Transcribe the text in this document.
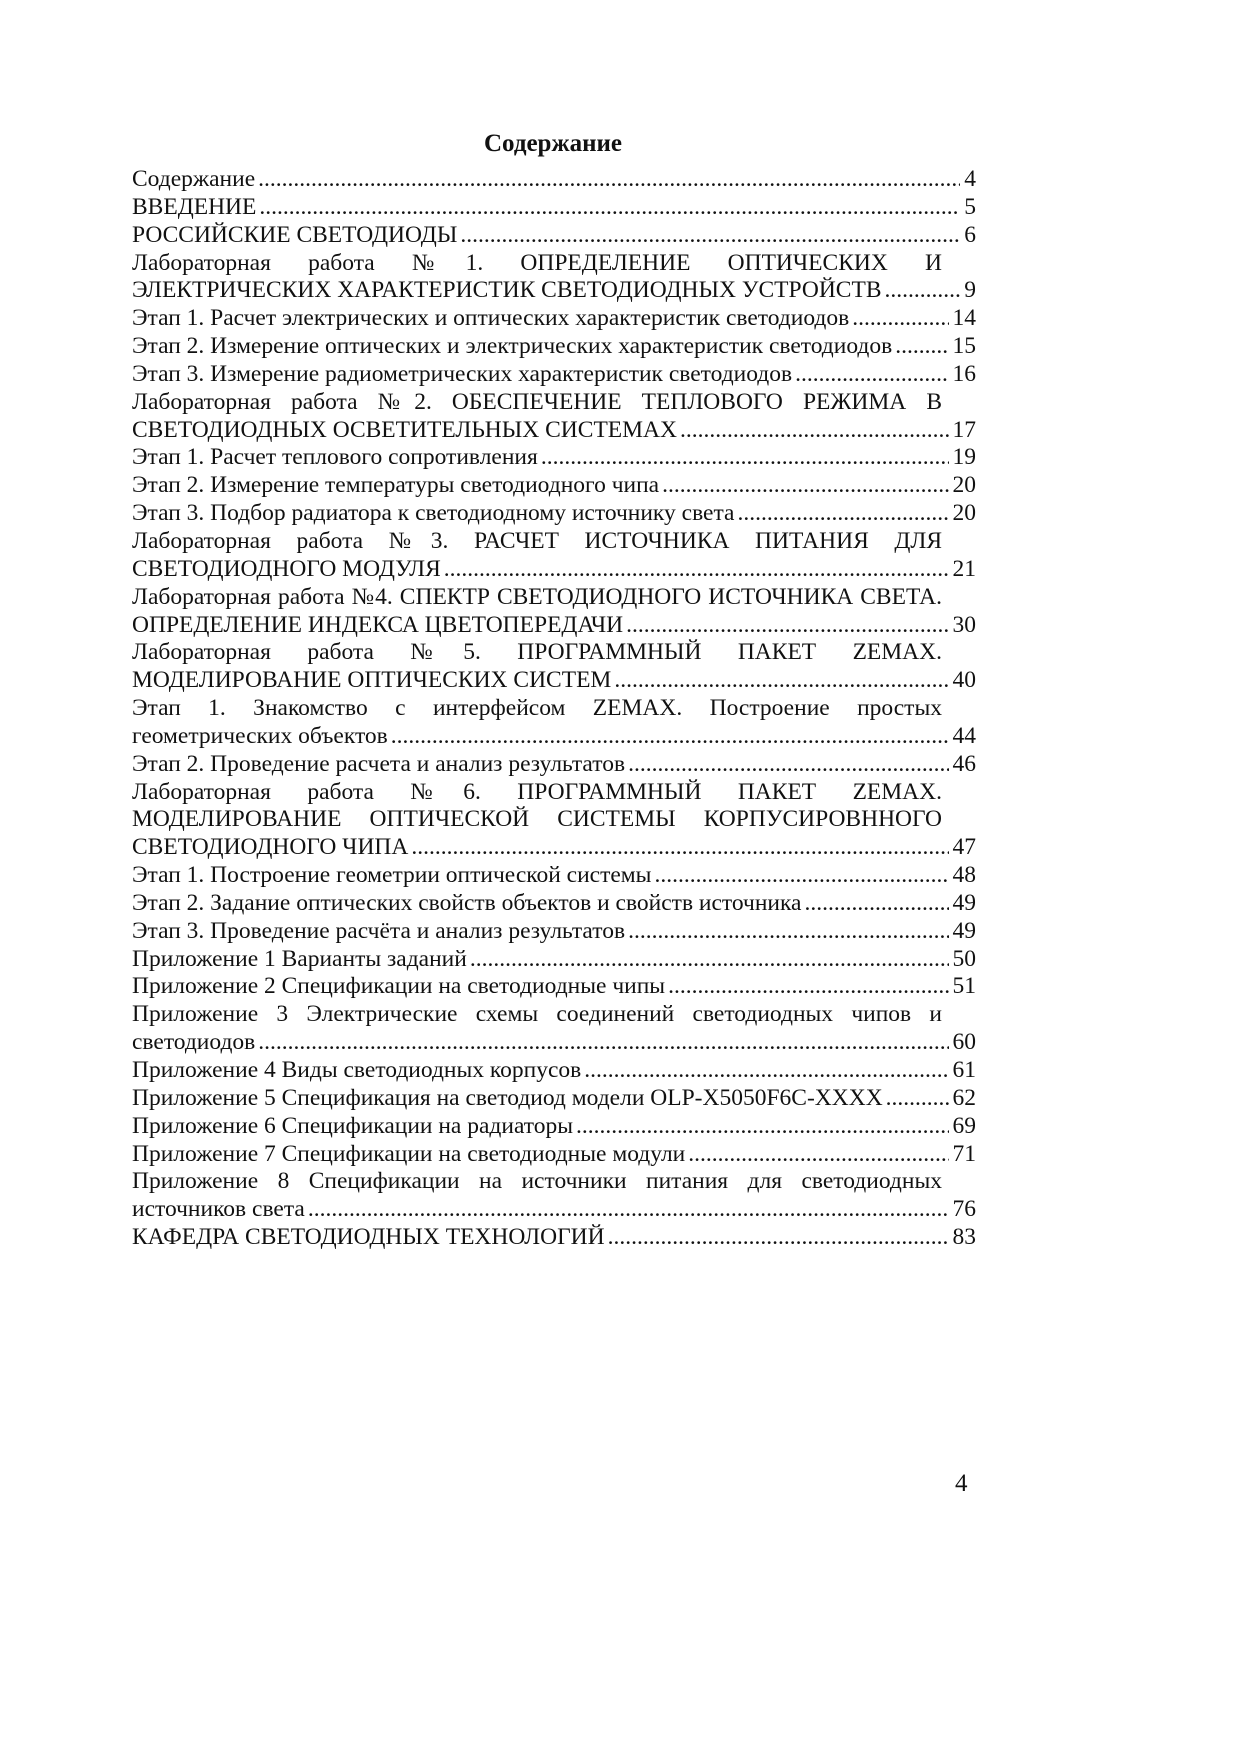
Содержание
Содержание .....	4
ВВЕДЕНИЕ .....	5
РОССИЙСКИЕ СВЕТОДИОДЫ .....	6
Лабораторная работа №1. ОПРЕДЕЛЕНИЕ ОПТИЧЕСКИХ И ЭЛЕКТРИЧЕСКИХ ХАРАКТЕРИСТИК СВЕТОДИОДНЫХ УСТРОЙСТВ .....	9
Этап 1. Расчет электрических и оптических характеристик светодиодов .....	14
Этап 2. Измерение оптических и электрических характеристик светодиодов .....	15
Этап 3. Измерение радиометрических характеристик светодиодов .....	16
Лабораторная работа №2. ОБЕСПЕЧЕНИЕ ТЕПЛОВОГО РЕЖИМА В СВЕТОДИОДНЫХ ОСВЕТИТЕЛЬНЫХ СИСТЕМАХ .....	17
Этап 1. Расчет теплового сопротивления .....	19
Этап 2. Измерение температуры светодиодного чипа .....	20
Этап 3. Подбор радиатора к светодиодному источнику света .....	20
Лабораторная работа №3. РАСЧЕТ ИСТОЧНИКА ПИТАНИЯ ДЛЯ СВЕТОДИОДНОГО МОДУЛЯ .....	21
Лабораторная работа №4. СПЕКТР СВЕТОДИОДНОГО ИСТОЧНИКА СВЕТА. ОПРЕДЕЛЕНИЕ ИНДЕКСА ЦВЕТОПЕРЕДАЧИ .....	30
Лабораторная работа №5. ПРОГРАММНЫЙ ПАКЕТ ZEMAX. МОДЕЛИРОВАНИЕ ОПТИЧЕСКИХ СИСТЕМ .....	40
Этап 1. Знакомство с интерфейсом ZEMAX. Построение простых геометрических объектов .....	44
Этап 2. Проведение расчета и анализ результатов .....	46
Лабораторная работа №6. ПРОГРАММНЫЙ ПАКЕТ ZEMAX. МОДЕЛИРОВАНИЕ ОПТИЧЕСКОЙ СИСТЕМЫ КОРПУСИРОВННОГО СВЕТОДИОДНОГО ЧИПА .....	47
Этап 1. Построение геометрии оптической системы .....	48
Этап 2. Задание оптических свойств объектов и свойств источника .....	49
Этап 3. Проведение расчёта и анализ результатов .....	49
Приложение 1 Варианты заданий .....	50
Приложение 2 Спецификации на светодиодные чипы .....	51
Приложение 3 Электрические схемы соединений светодиодных чипов и светодиодов .....	60
Приложение 4 Виды светодиодных корпусов .....	61
Приложение 5 Спецификация на светодиод модели OLP-X5050F6C-XXXX .....	62
Приложение 6 Спецификации на радиаторы .....	69
Приложение 7 Спецификации на светодиодные модули .....	71
Приложение 8 Спецификации на источники питания для светодиодных источников света .....	76
КАФЕДРА СВЕТОДИОДНЫХ ТЕХНОЛОГИЙ .....	83
4
